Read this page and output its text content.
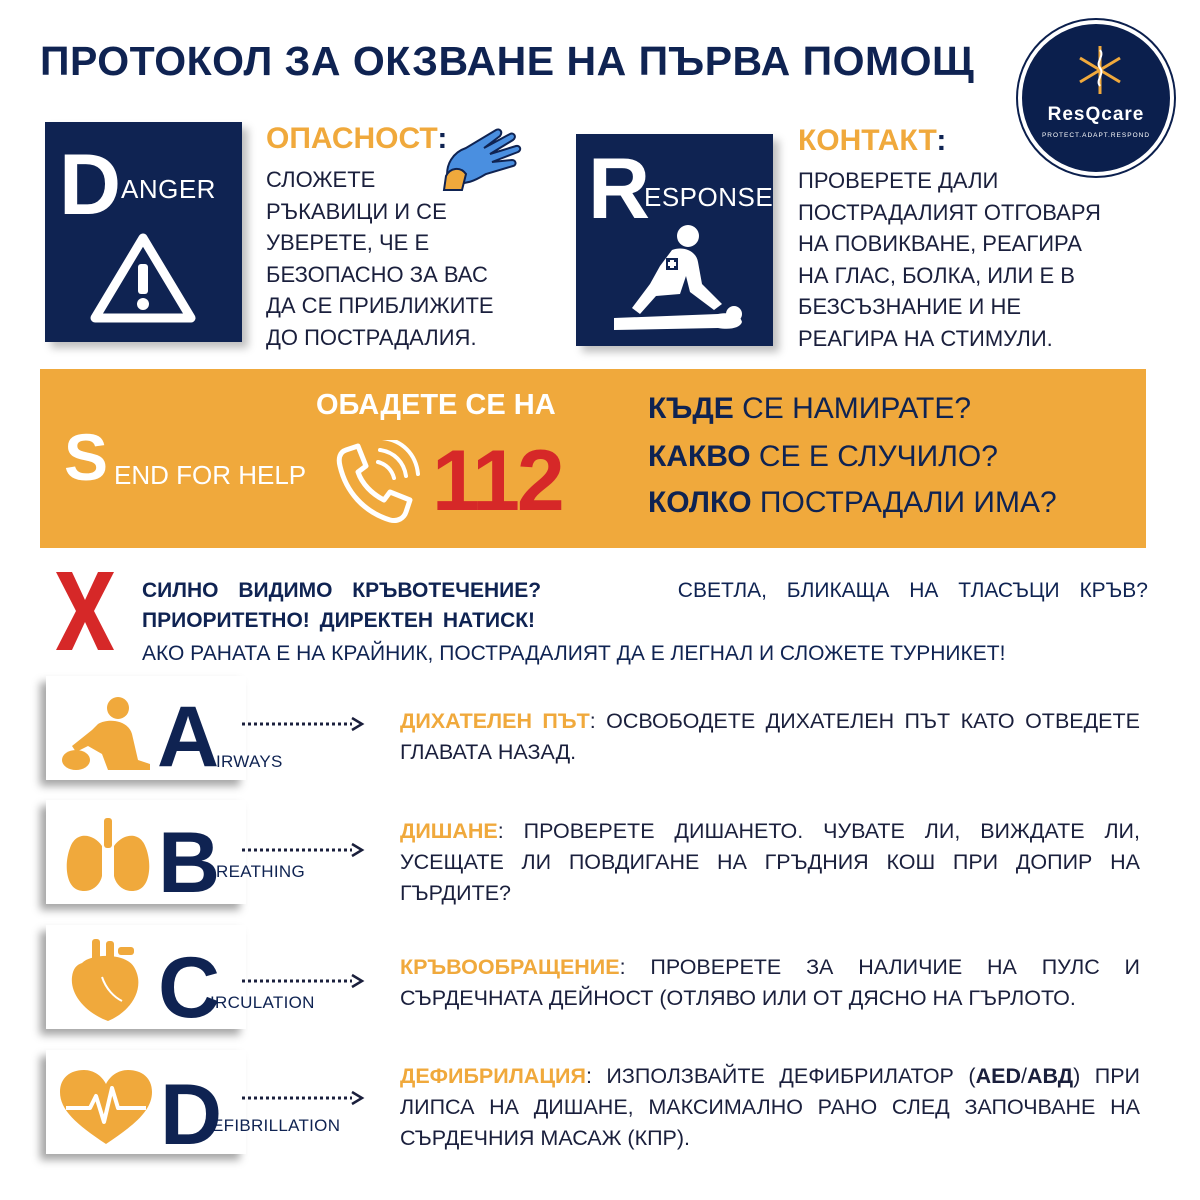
ПРОТОКОЛ ЗА ОКЗВАНЕ НА ПЪРВА ПОМОЩ
ResQcare
PROTECT.ADAPT.RESPOND
D ANGER
ОПАСНОСТ:
СЛОЖЕТЕ
РЪКАВИЦИ И СЕ
УВЕРЕТЕ, ЧЕ Е
БЕЗОПАСНО ЗА ВАС
ДА СЕ ПРИБЛИЖИТЕ
ДО ПОСТРАДАЛИЯ.
R
ESPONSE
КОНТАКТ:
ПРОВЕРЕТЕ ДАЛИ
ПОСТРАДАЛИЯТ ОТГОВАРЯ
НА ПОВИКВАНЕ, РЕАГИРА
НА ГЛАС, БОЛКА, ИЛИ Е В
БЕЗСЪЗНАНИЕ И НЕ
РЕАГИРА НА СТИМУЛИ.
S END FOR HELP
ОБАДЕТЕ СЕ НА
112
КЪДЕ СЕ НАМИРАТЕ?
КАКВО СЕ Е СЛУЧИЛО?
КОЛКО ПОСТРАДАЛИ ИМА?
СИЛНО ВИДИМО КРЪВОТЕЧЕНИЕ?	СВЕТЛА, БЛИКАЩА НА ТЛАСЪЦИ КРЪВ?
ПРИОРИТЕТНО! ДИРЕКТЕН НАТИСК!
АКО РАНАТА Е НА КРАЙНИК, ПОСТРАДАЛИЯТ ДА Е ЛЕГНАЛ И СЛОЖЕТЕ ТУРНИКЕТ!
A
IRWAYS
ДИХАТЕЛЕН ПЪТ: ОСВОБОДЕТЕ ДИХАТЕЛЕН ПЪТ КАТО ОТВЕДЕТЕ ГЛАВАТА НАЗАД.
B
REATHING
ДИШАНЕ: ПРОВЕРЕТЕ ДИШАНЕТО. ЧУВАТЕ ЛИ, ВИЖДАТЕ ЛИ, УСЕЩАТЕ ЛИ ПОВДИГАНЕ НА ГРЪДНИЯ КОШ ПРИ ДОПИР НА ГЪРДИТЕ?
C
IRCULATION
КРЪВООБРАЩЕНИЕ: ПРОВЕРЕТЕ ЗА НАЛИЧИЕ НА ПУЛС И СЪРДЕЧНАТА ДЕЙНОСТ (ОТЛЯВО ИЛИ ОТ ДЯСНО НА ГЪРЛОТО.
D
EFIBRILLATION
ДЕФИБРИЛАЦИЯ: ИЗПОЛЗВАЙТЕ ДЕФИБРИЛАТОР (AED/АВД) ПРИ ЛИПСА НА ДИШАНЕ, МАКСИМАЛНО РАНО СЛЕД ЗАПОЧВАНЕ НА СЪРДЕЧНИЯ МАСАЖ (КПР).
